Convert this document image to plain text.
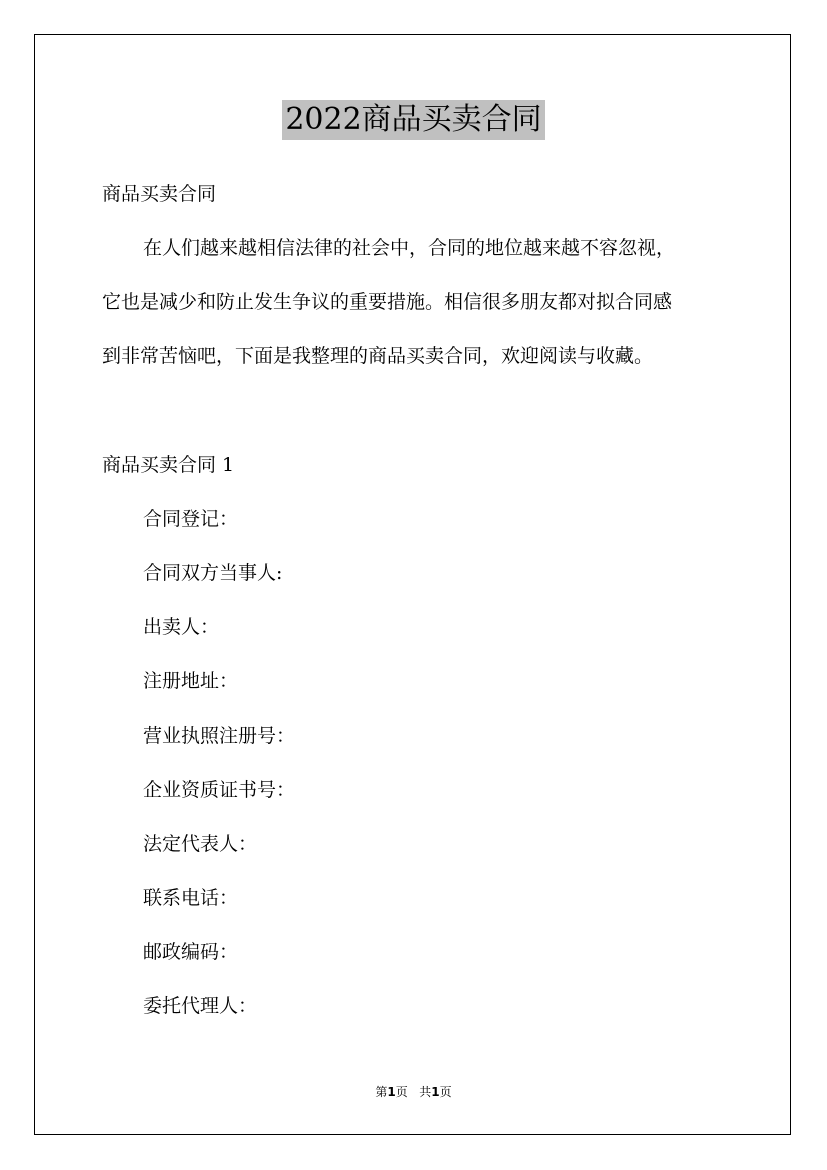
2022商品买卖合同
商品买卖合同
在人们越来越相信法律的社会中，合同的地位越来越不容忽视，
它也是减少和防止发生争议的重要措施。相信很多朋友都对拟合同感
到非常苦恼吧，下面是我整理的商品买卖合同，欢迎阅读与收藏。
商品买卖合同 1
合同登记：
合同双方当事人:
出卖人：
注册地址：
营业执照注册号：
企业资质证书号：
法定代表人：
联系电话：
邮政编码：
委托代理人：
第1页 共1页
